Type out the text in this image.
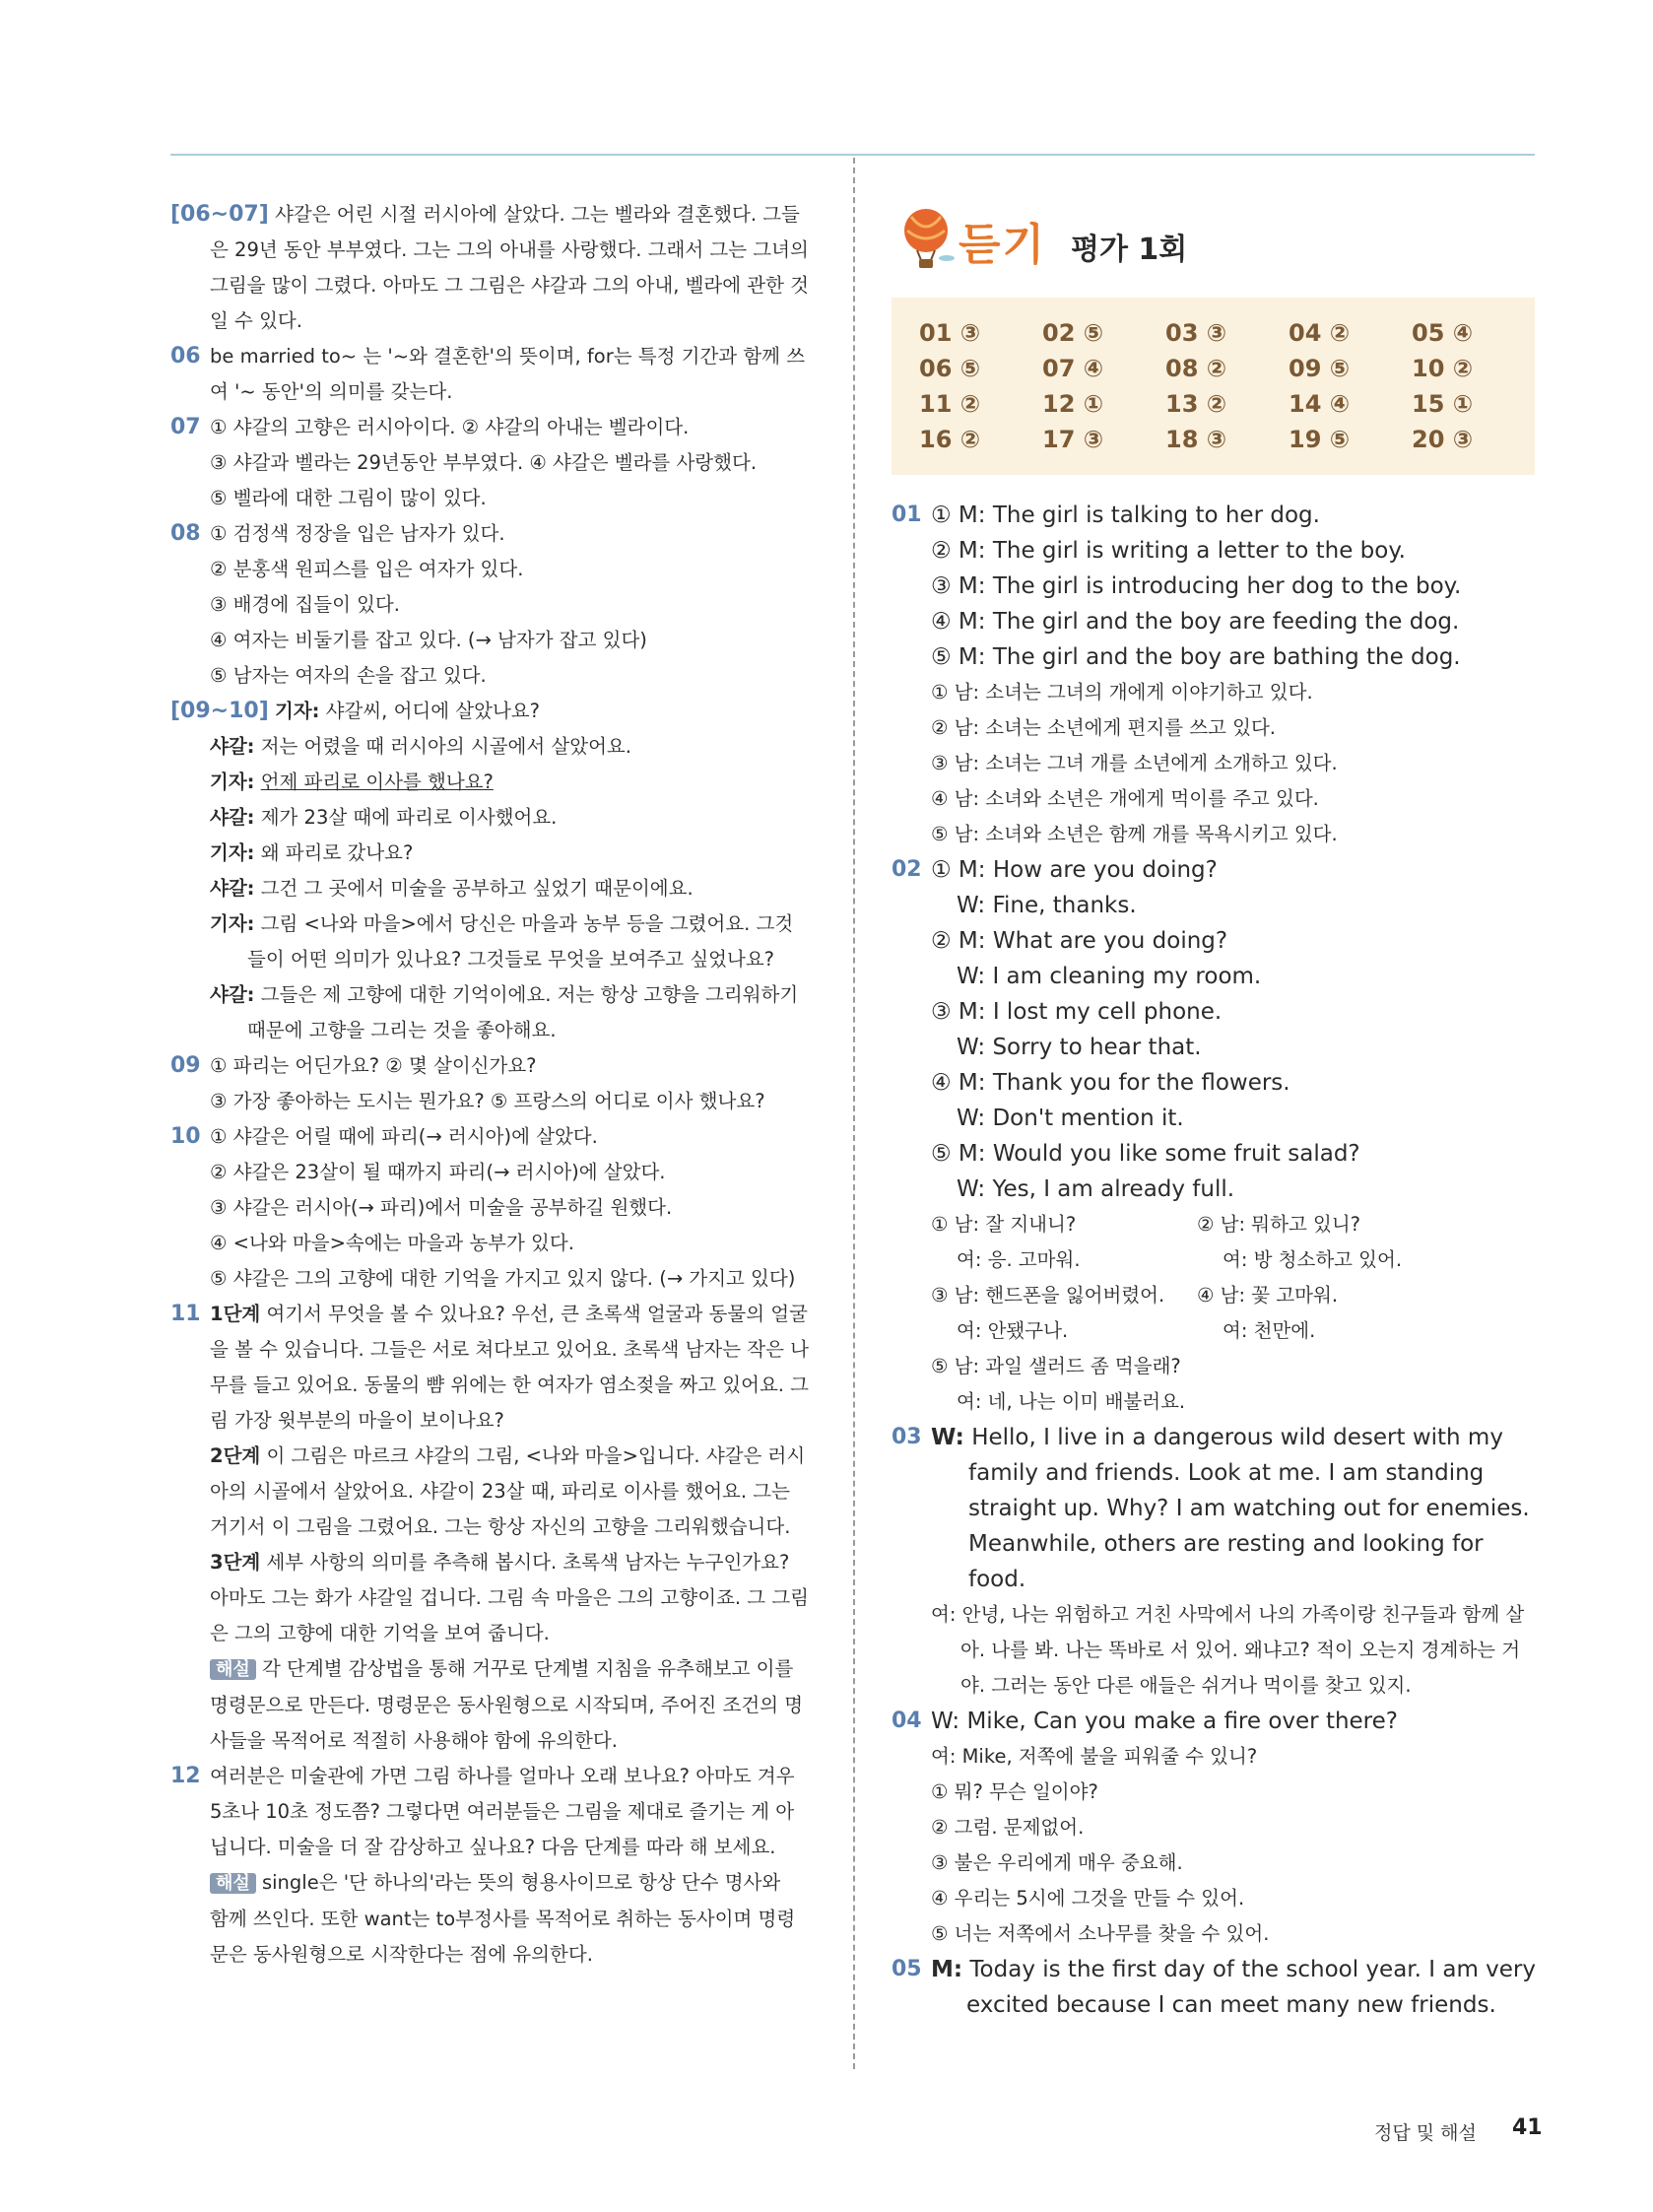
[06~07] 샤갈은 어린 시절 러시아에 살았다. 그는 벨라와 결혼했다. 그들
은 29년 동안 부부였다. 그는 그의 아내를 사랑했다. 그래서 그는 그녀의
그림을 많이 그렸다. 아마도 그 그림은 샤갈과 그의 아내, 벨라에 관한 것
일 수 있다.
06 be married to~ 는 '~와 결혼한'의 뜻이며, for는 특정 기간과 함께 쓰
여 '~ 동안'의 의미를 갖는다.
07 ① 샤갈의 고향은 러시아이다. ② 샤갈의 아내는 벨라이다.
③ 샤갈과 벨라는 29년동안 부부였다. ④ 샤갈은 벨라를 사랑했다.
⑤ 벨라에 대한 그림이 많이 있다.
08 ① 검정색 정장을 입은 남자가 있다.
② 분홍색 원피스를 입은 여자가 있다.
③ 배경에 집들이 있다.
④ 여자는 비둘기를 잡고 있다. (→ 남자가 잡고 있다)
⑤ 남자는 여자의 손을 잡고 있다.
[09~10] 기자: 샤갈씨, 어디에 살았나요?
샤갈: 저는 어렸을 때 러시아의 시골에서 살았어요.
기자: 언제 파리로 이사를 했나요?
샤갈: 제가 23살 때에 파리로 이사했어요.
기자: 왜 파리로 갔나요?
샤갈: 그건 그 곳에서 미술을 공부하고 싶었기 때문이에요.
기자: 그림 <나와 마을>에서 당신은 마을과 농부 등을 그렸어요. 그것
들이 어떤 의미가 있나요? 그것들로 무엇을 보여주고 싶었나요?
샤갈: 그들은 제 고향에 대한 기억이에요. 저는 항상 고향을 그리워하기
때문에 고향을 그리는 것을 좋아해요.
09 ① 파리는 어딘가요? ② 몇 살이신가요?
③ 가장 좋아하는 도시는 뭔가요? ⑤ 프랑스의 어디로 이사 했나요?
10 ① 샤갈은 어릴 때에 파리(→ 러시아)에 살았다.
② 샤갈은 23살이 될 때까지 파리(→ 러시아)에 살았다.
③ 샤갈은 러시아(→ 파리)에서 미술을 공부하길 원했다.
④ <나와 마을>속에는 마을과 농부가 있다.
⑤ 샤갈은 그의 고향에 대한 기억을 가지고 있지 않다. (→ 가지고 있다)
11 1단계 여기서 무엇을 볼 수 있나요? 우선, 큰 초록색 얼굴과 동물의 얼굴
을 볼 수 있습니다. 그들은 서로 쳐다보고 있어요. 초록색 남자는 작은 나
무를 들고 있어요. 동물의 뺨 위에는 한 여자가 염소젖을 짜고 있어요. 그
림 가장 윗부분의 마을이 보이나요?
2단계 이 그림은 마르크 샤갈의 그림, <나와 마을>입니다. 샤갈은 러시
아의 시골에서 살았어요. 샤갈이 23살 때, 파리로 이사를 했어요. 그는
거기서 이 그림을 그렸어요. 그는 항상 자신의 고향을 그리워했습니다.
3단계 세부 사항의 의미를 추측해 봅시다. 초록색 남자는 누구인가요?
아마도 그는 화가 샤갈일 겁니다. 그림 속 마을은 그의 고향이죠. 그 그림
은 그의 고향에 대한 기억을 보여 줍니다.
해설 각 단계별 감상법을 통해 거꾸로 단계별 지침을 유추해보고 이를
명령문으로 만든다. 명령문은 동사원형으로 시작되며, 주어진 조건의 명
사들을 목적어로 적절히 사용해야 함에 유의한다.
12 여러분은 미술관에 가면 그림 하나를 얼마나 오래 보나요? 아마도 겨우
5초나 10초 정도쯤? 그렇다면 여러분들은 그림을 제대로 즐기는 게 아
닙니다. 미술을 더 잘 감상하고 싶나요? 다음 단계를 따라 해 보세요.
해설 single은 '단 하나의'라는 뜻의 형용사이므로 항상 단수 명사와
함께 쓰인다. 또한 want는 to부정사를 목적어로 취하는 동사이며 명령
문은 동사원형으로 시작한다는 점에 유의한다.
듣기 평가 1회
01 ③	02 ⑤	03 ③	04 ②	05 ④
06 ⑤	07 ④	08 ②	09 ⑤	10 ②
11 ②	12 ①	13 ②	14 ④	15 ①
16 ②	17 ③	18 ③	19 ⑤	20 ③
01 ① M: The girl is talking to her dog.
② M: The girl is writing a letter to the boy.
③ M: The girl is introducing her dog to the boy.
④ M: The girl and the boy are feeding the dog.
⑤ M: The girl and the boy are bathing the dog.
① 남: 소녀는 그녀의 개에게 이야기하고 있다.
② 남: 소녀는 소년에게 편지를 쓰고 있다.
③ 남: 소녀는 그녀 개를 소년에게 소개하고 있다.
④ 남: 소녀와 소년은 개에게 먹이를 주고 있다.
⑤ 남: 소녀와 소년은 함께 개를 목욕시키고 있다.
02 ① M: How are you doing?
W: Fine, thanks.
② M: What are you doing?
W: I am cleaning my room.
③ M: I lost my cell phone.
W: Sorry to hear that.
④ M: Thank you for the flowers.
W: Don't mention it.
⑤ M: Would you like some fruit salad?
W: Yes, I am already full.
① 남: 잘 지내니?	② 남: 뭐하고 있니?
여: 응. 고마워.	여: 방 청소하고 있어.
③ 남: 핸드폰을 잃어버렸어. ④ 남: 꽃 고마워.
여: 안됐구나.	여: 천만에.
⑤ 남: 과일 샐러드 좀 먹을래?
여: 네, 나는 이미 배불러요.
03 W: Hello, I live in a dangerous wild desert with my
family and friends. Look at me. I am standing
straight up. Why? I am watching out for enemies.
Meanwhile, others are resting and looking for
food.
여: 안녕, 나는 위험하고 거친 사막에서 나의 가족이랑 친구들과 함께 살
아. 나를 봐. 나는 똑바로 서 있어. 왜냐고? 적이 오는지 경계하는 거
야. 그러는 동안 다른 애들은 쉬거나 먹이를 찾고 있지.
04 W: Mike, Can you make a fire over there?
여: Mike, 저쪽에 불을 피워줄 수 있니?
① 뭐? 무슨 일이야?
② 그럼. 문제없어.
③ 불은 우리에게 매우 중요해.
④ 우리는 5시에 그것을 만들 수 있어.
⑤ 너는 저쪽에서 소나무를 찾을 수 있어.
05 M: Today is the first day of the school year. I am very
excited because I can meet many new friends.
정답 및 해설 41
